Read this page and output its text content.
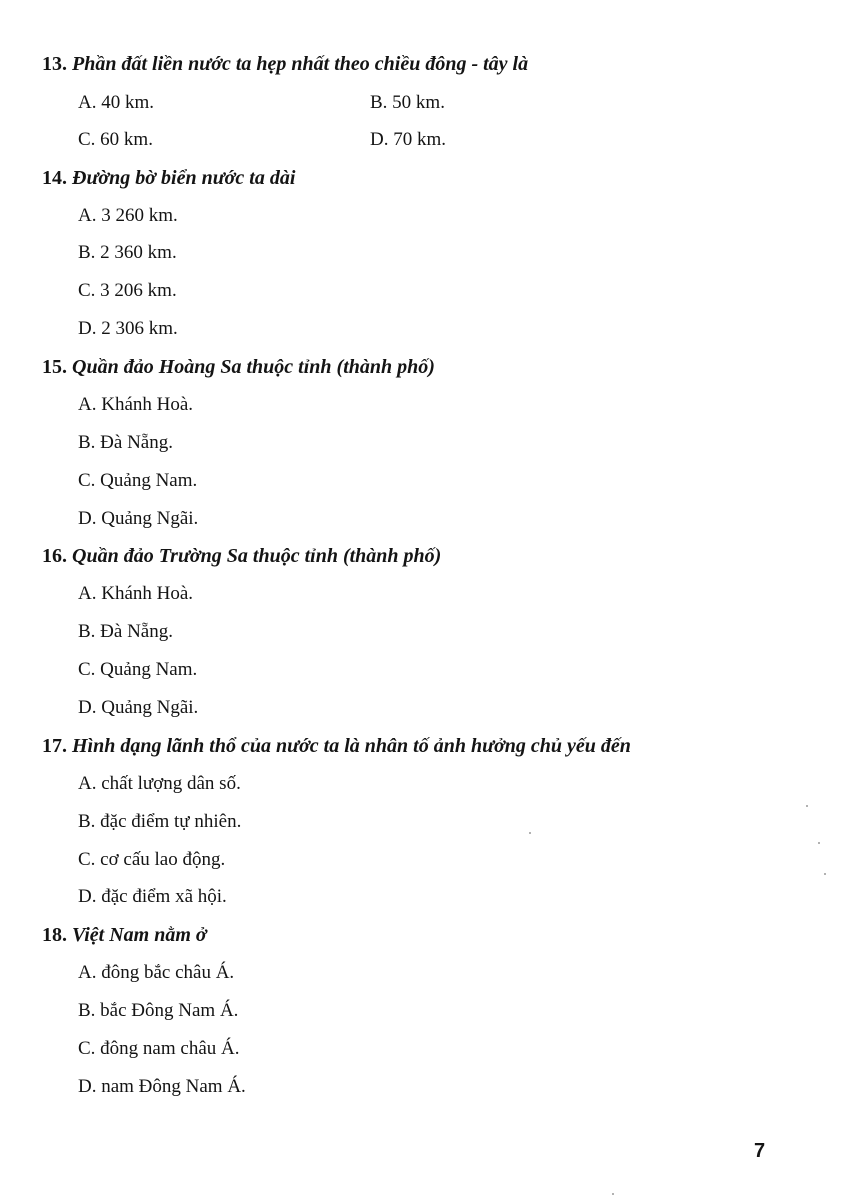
13. Phần đất liền nước ta hẹp nhất theo chiều đông - tây là
A. 40 km.	B. 50 km.
C. 60 km.	D. 70 km.
14. Đường bờ biển nước ta dài
A. 3 260 km.
B. 2 360 km.
C. 3 206 km.
D. 2 306 km.
15. Quần đảo Hoàng Sa thuộc tỉnh (thành phố)
A. Khánh Hoà.
B. Đà Nẵng.
C. Quảng Nam.
D. Quảng Ngãi.
16. Quần đảo Trường Sa thuộc tỉnh (thành phố)
A. Khánh Hoà.
B. Đà Nẵng.
C. Quảng Nam.
D. Quảng Ngãi.
17. Hình dạng lãnh thổ của nước ta là nhân tố ảnh hưởng chủ yếu đến
A. chất lượng dân số.
B. đặc điểm tự nhiên.
C. cơ cấu lao động.
D. đặc điểm xã hội.
18. Việt Nam nằm ở
A. đông bắc châu Á.
B. bắc Đông Nam Á.
C. đông nam châu Á.
D. nam Đông Nam Á.
7
